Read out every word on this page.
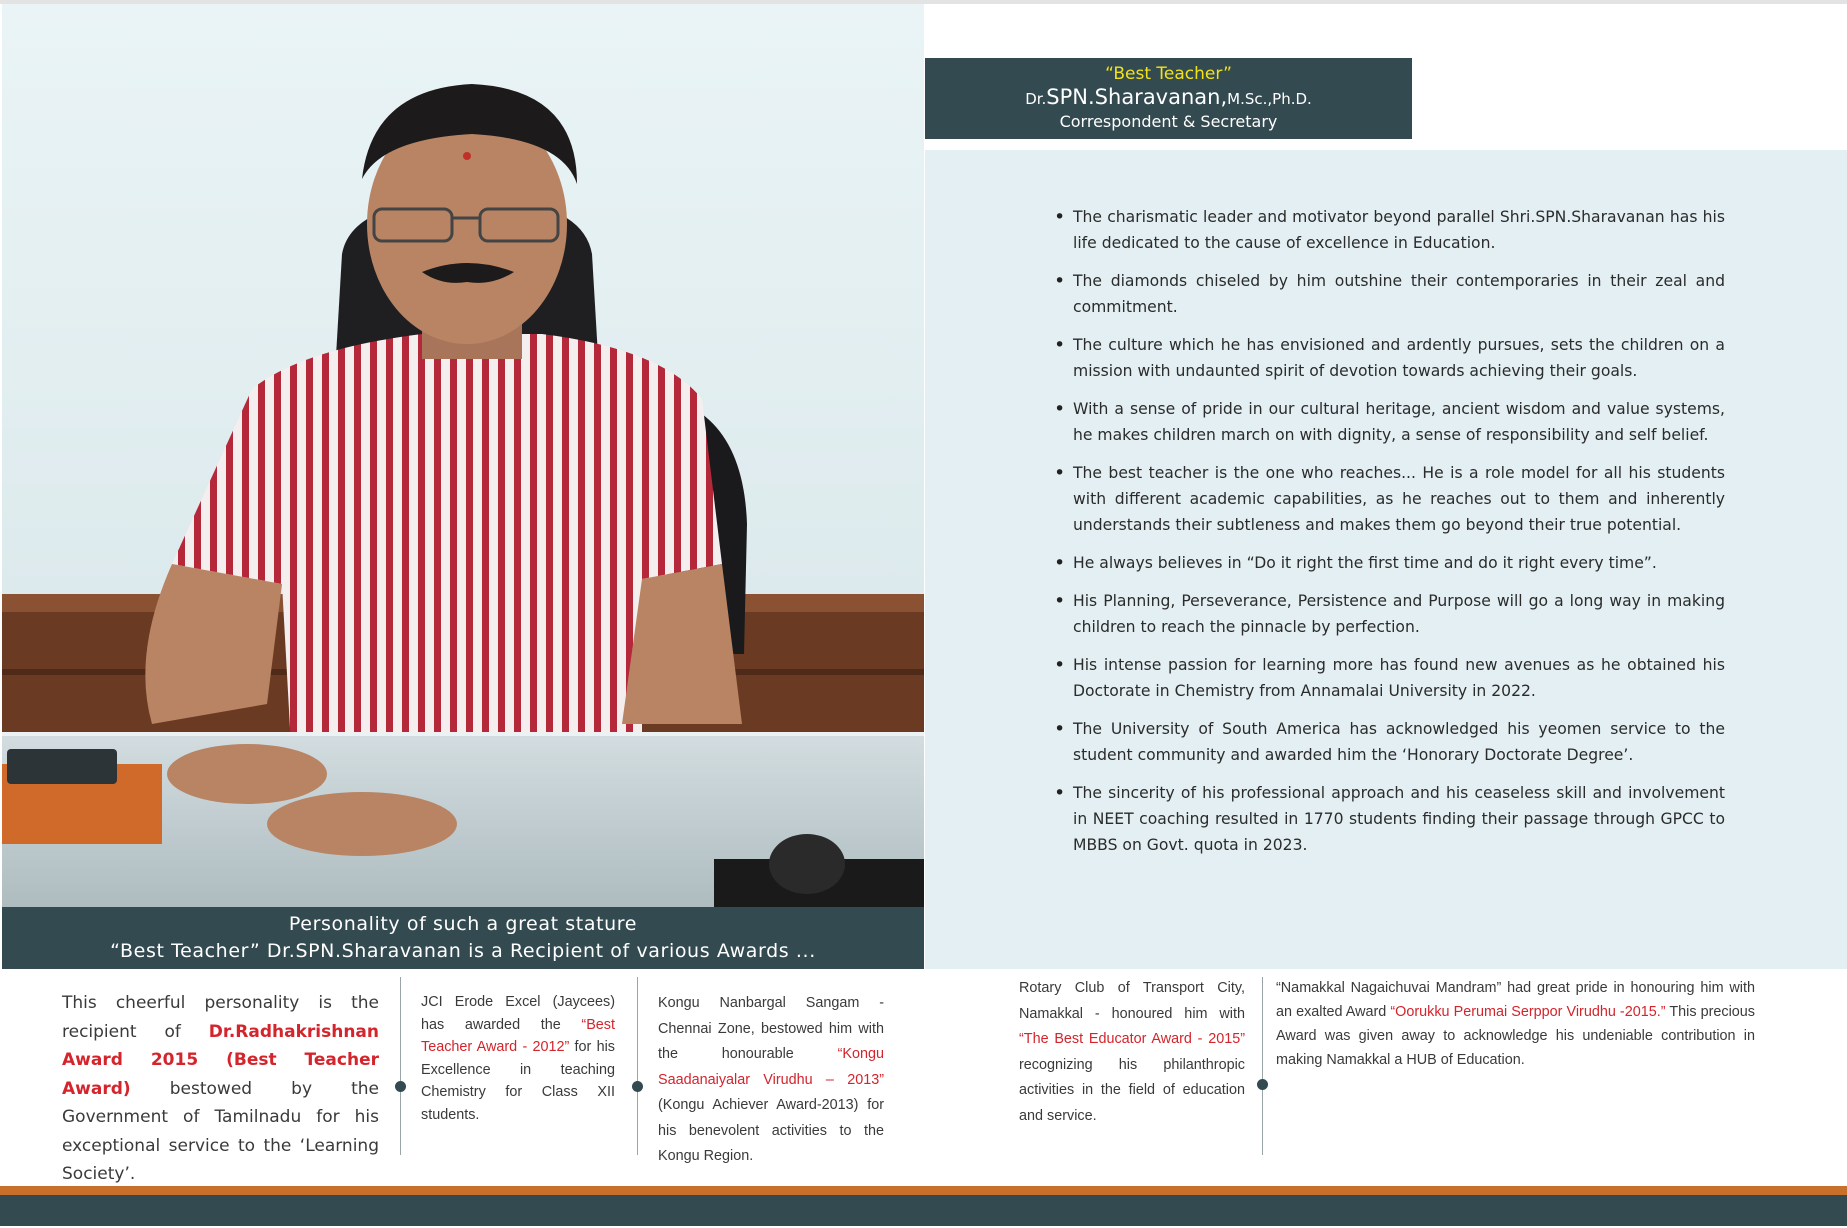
Personality of such a great stature
“Best Teacher” Dr.SPN.Sharavanan is a Recipient of various Awards ...
“Best Teacher”
Dr.SPN.Sharavanan,M.Sc.,Ph.D.
Correspondent & Secretary
• The charismatic leader and motivator beyond parallel Shri.SPN.Sharavanan has his life dedicated to the cause of excellence in Education.
• The diamonds chiseled by him outshine their contemporaries in their zeal and commitment.
• The culture which he has envisioned and ardently pursues, sets the children on a mission with undaunted spirit of devotion towards achieving their goals.
• With a sense of pride in our cultural heritage, ancient wisdom and value systems, he makes children march on with dignity, a sense of responsibility and self belief.
• The best teacher is the one who reaches... He is a role model for all his students with different academic capabilities, as he reaches out to them and inherently understands their subtleness and makes them go beyond their true potential.
• He always believes in “Do it right the first time and do it right every time”.
• His Planning, Perseverance, Persistence and Purpose will go a long way in making children to reach the pinnacle by perfection.
• His intense passion for learning more has found new avenues as he obtained his Doctorate in Chemistry from Annamalai University in 2022.
• The University of South America has acknowledged his yeomen service to the student community and awarded him the ‘Honorary Doctorate Degree’.
• The sincerity of his professional approach and his ceaseless skill and involvement in NEET coaching resulted in 1770 students finding their passage through GPCC to MBBS on Govt. quota in 2023.
This cheerful personality is the recipient of Dr.Radhakrishnan Award 2015 (Best Teacher Award) bestowed by the Government of Tamilnadu for his exceptional service to the ‘Learning Society’.
JCI Erode Excel (Jaycees) has awarded the “Best Teacher Award - 2012” for his Excellence in teaching Chemistry for Class XII students.
Kongu Nanbargal Sangam - Chennai Zone, bestowed him with the honourable “Kongu Saadanaiyalar Virudhu – 2013” (Kongu Achiever Award-2013) for his benevolent activities to the Kongu Region.
Rotary Club of Transport City, Namakkal - honoured him with “The Best Educator Award - 2015” recognizing his philanthropic activities in the field of education and service.
“Namakkal Nagaichuvai Mandram” had great pride in honouring him with an exalted Award “Oorukku Perumai Serppor Virudhu -2015.” This precious Award was given away to acknowledge his undeniable contribution in making Namakkal a HUB of Education.
